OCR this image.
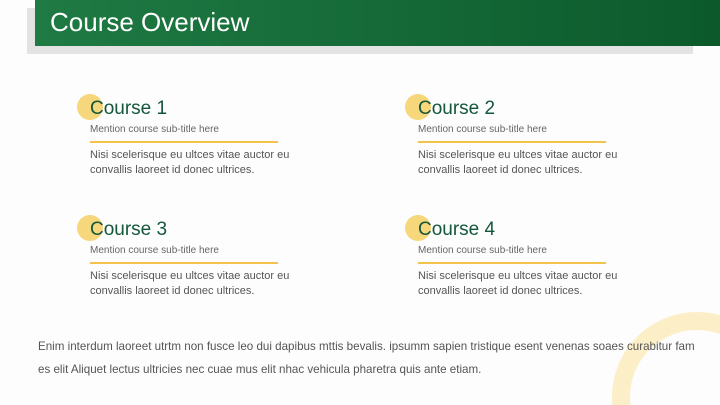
Course Overview
Course 1
Mention course sub-title here
Nisi scelerisque eu ultces vitae auctor eu convallis laoreet id donec ultrices.
Course 2
Mention course sub-title here
Nisi scelerisque eu ultces vitae auctor eu convallis laoreet id donec ultrices.
Course 3
Mention course sub-title here
Nisi scelerisque eu ultces vitae auctor eu convallis laoreet id donec ultrices.
Course 4
Mention course sub-title here
Nisi scelerisque eu ultces vitae auctor eu convallis laoreet id donec ultrices.
Enim interdum laoreet utrtm non fusce leo dui dapibus mttis bevalis. ipsumm sapien tristique esent venenas soaes curabitur fam es elit Aliquet lectus ultricies nec cuae mus elit nhac vehicula pharetra quis ante etiam.
